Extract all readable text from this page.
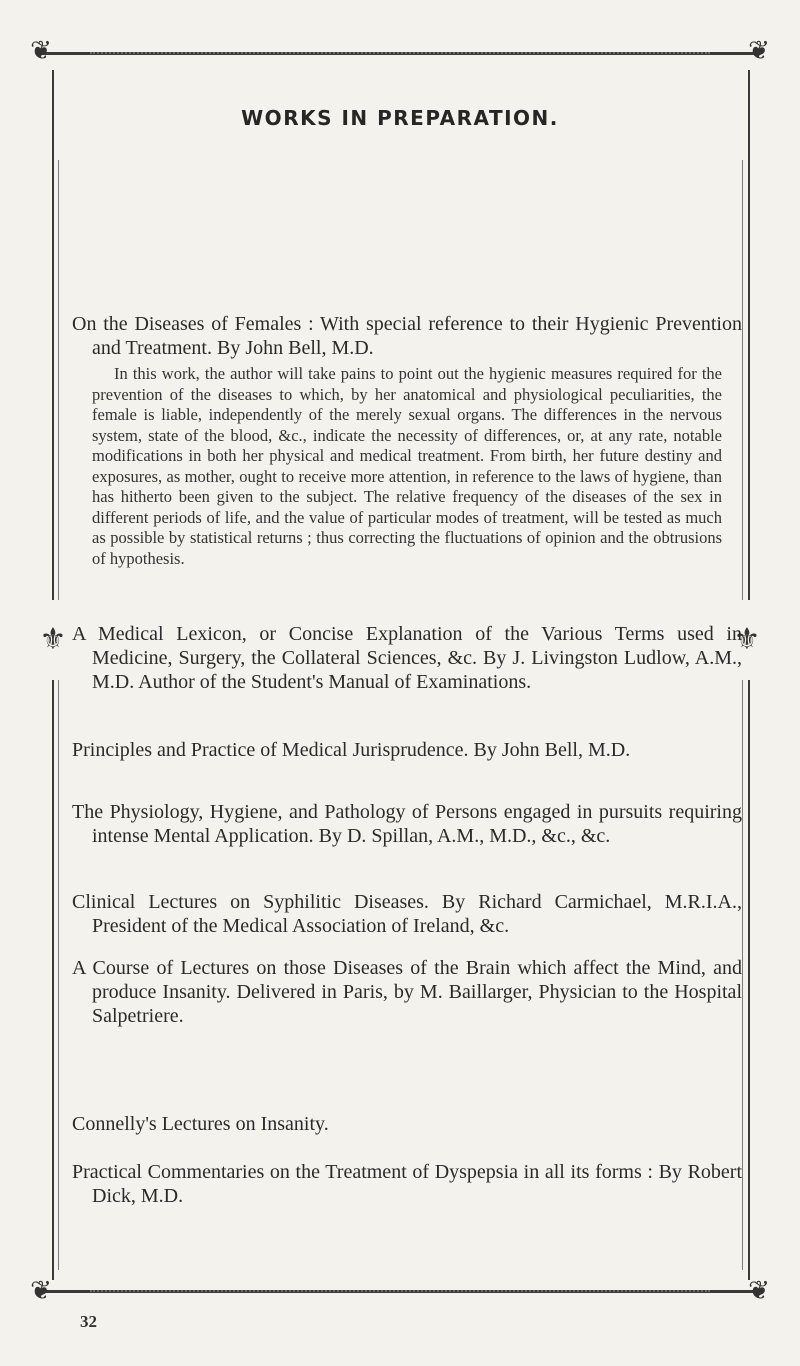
❦	❦
❦	❦
⚜	⚜
WORKS IN PREPARATION.
On the Diseases of Females : With special reference to their Hygienic Prevention and Treatment. By John Bell, M.D.
In this work, the author will take pains to point out the hygienic measures required for the prevention of the diseases to which, by her anatomical and physiological peculiarities, the female is liable, independently of the merely sexual organs. The differences in the nervous system, state of the blood, &c., indicate the necessity of differences, or, at any rate, notable modifications in both her physical and medical treatment. From birth, her future destiny and exposures, as mother, ought to receive more attention, in reference to the laws of hygiene, than has hitherto been given to the subject. The relative frequency of the diseases of the sex in different periods of life, and the value of particular modes of treatment, will be tested as much as possible by statistical returns ; thus correcting the fluctuations of opinion and the obtrusions of hypothesis.
A Medical Lexicon, or Concise Explanation of the Various Terms used in Medicine, Surgery, the Collateral Sciences, &c. By J. Livingston Ludlow, A.M., M.D. Author of the Student's Manual of Examinations.
Principles and Practice of Medical Jurisprudence. By John Bell, M.D.
The Physiology, Hygiene, and Pathology of Persons engaged in pursuits requiring intense Mental Application. By D. Spillan, A.M., M.D., &c., &c.
Clinical Lectures on Syphilitic Diseases. By Richard Carmichael, M.R.I.A., President of the Medical Association of Ireland, &c.
A Course of Lectures on those Diseases of the Brain which affect the Mind, and produce Insanity. Delivered in Paris, by M. Baillarger, Physician to the Hospital Salpetriere.
Connelly's Lectures on Insanity.
Practical Commentaries on the Treatment of Dyspepsia in all its forms : By Robert Dick, M.D.
32
